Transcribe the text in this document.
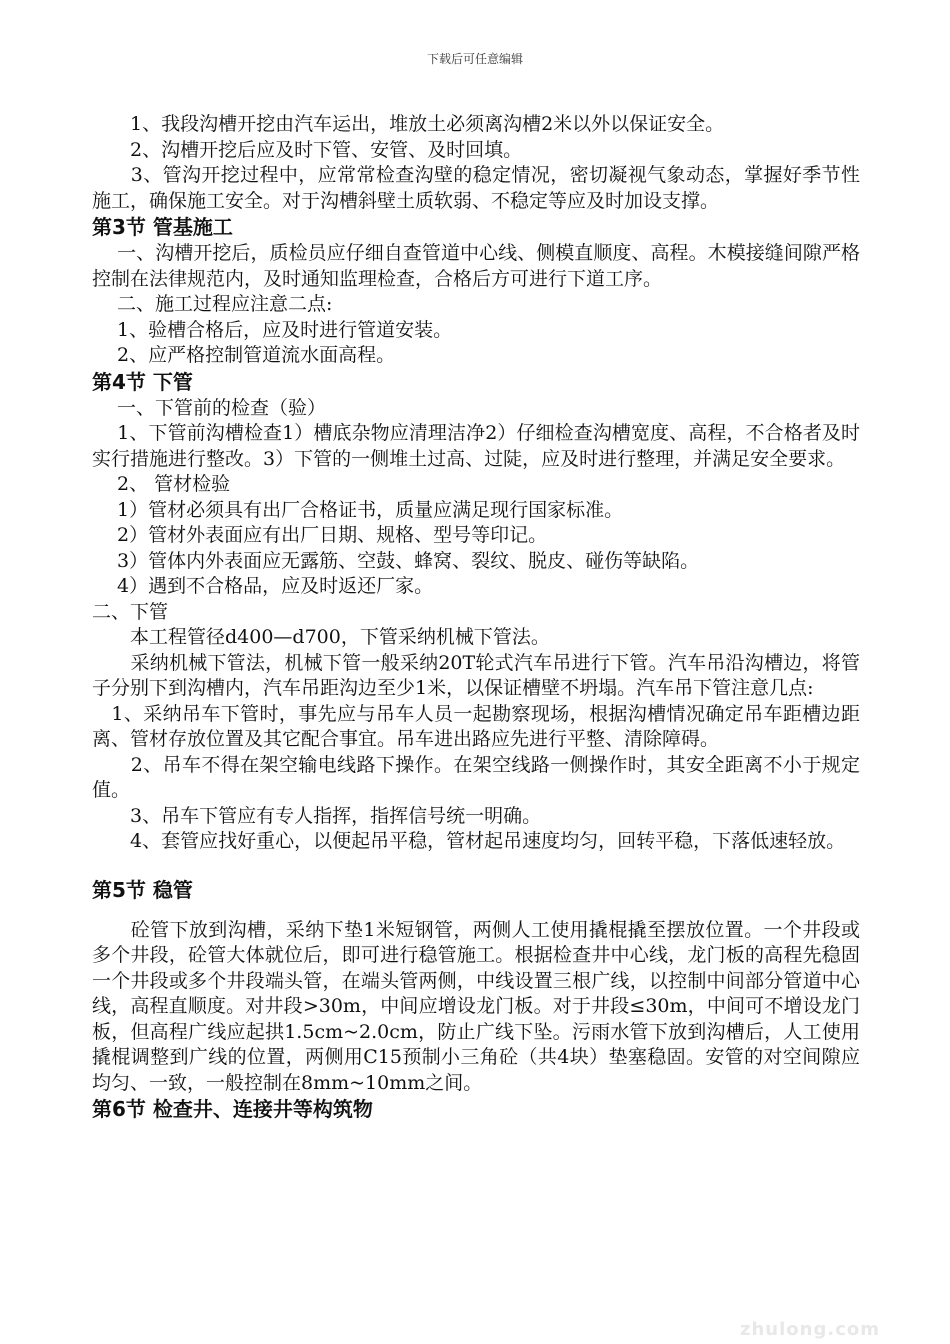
下载后可任意编辑

　　1、我段沟槽开挖由汽车运出，堆放土必须离沟槽2米以外以保证安全。

　　2、沟槽开挖后应及时下管、安管、及时回填。

　　3、管沟开挖过程中，应常常检查沟壁的稳定情况，密切凝视气象动态，掌握好季节性施工，确保施工安全。对于沟槽斜壁土质软弱、不稳定等应及时加设支撑。

第3节 管基施工

　 一、沟槽开挖后，质检员应仔细自查管道中心线、侧模直顺度、高程。木模接缝间隙严格控制在法律规范内，及时通知监理检查，合格后方可进行下道工序。

　 二、施工过程应注意二点:

　 1、验槽合格后，应及时进行管道安装。

　 2、应严格控制管道流水面高程。

第4节 下管

　 一、下管前的检查（验）

　 1、下管前沟槽检查1）槽底杂物应清理洁净2）仔细检查沟槽宽度、高程，不合格者及时实行措施进行整改。3）下管的一侧堆土过高、过陡，应及时进行整理，并满足安全要求。

　 2、 管材检验

　 1）管材必须具有出厂合格证书，质量应满足现行国家标准。

　 2）管材外表面应有出厂日期、规格、型号等印记。

　 3）管体内外表面应无露筋、空鼓、蜂窝、裂纹、脱皮、碰伤等缺陷。

　 4）遇到不合格品，应及时返还厂家。

二、下管

　　本工程管径d400—d700，下管采纳机械下管法。

　　采纳机械下管法，机械下管一般采纳20T轮式汽车吊进行下管。汽车吊沿沟槽边，将管子分别下到沟槽内，汽车吊距沟边至少1米，以保证槽壁不坍塌。汽车吊下管注意几点:

　1、采纳吊车下管时，事先应与吊车人员一起勘察现场，根据沟槽情况确定吊车距槽边距离、管材存放位置及其它配合事宜。吊车进出路应先进行平整、清除障碍。

　　2、吊车不得在架空输电线路下操作。在架空线路一侧操作时，其安全距离不小于规定值。

　　3、吊车下管应有专人指挥，指挥信号统一明确。

　　4、套管应找好重心，以便起吊平稳，管材起吊速度均匀，回转平稳，下落低速轻放。

第5节 稳管

　　砼管下放到沟槽，采纳下垫1米短钢管，两侧人工使用撬棍撬至摆放位置。一个井段或多个井段，砼管大体就位后，即可进行稳管施工。根据检查井中心线，龙门板的高程先稳固一个井段或多个井段端头管，在端头管两侧，中线设置三根广线，以控制中间部分管道中心线，高程直顺度。对井段>30m，中间应增设龙门板。对于井段≤30m，中间可不增设龙门板，但高程广线应起拱1.5cm~2.0cm，防止广线下坠。污雨水管下放到沟槽后，人工使用撬棍调整到广线的位置，两侧用C15预制小三角砼（共4块）垫塞稳固。安管的对空间隙应均匀、一致，一般控制在8mm~10mm之间。

第6节 检查井、连接井等构筑物

zhulong.com
